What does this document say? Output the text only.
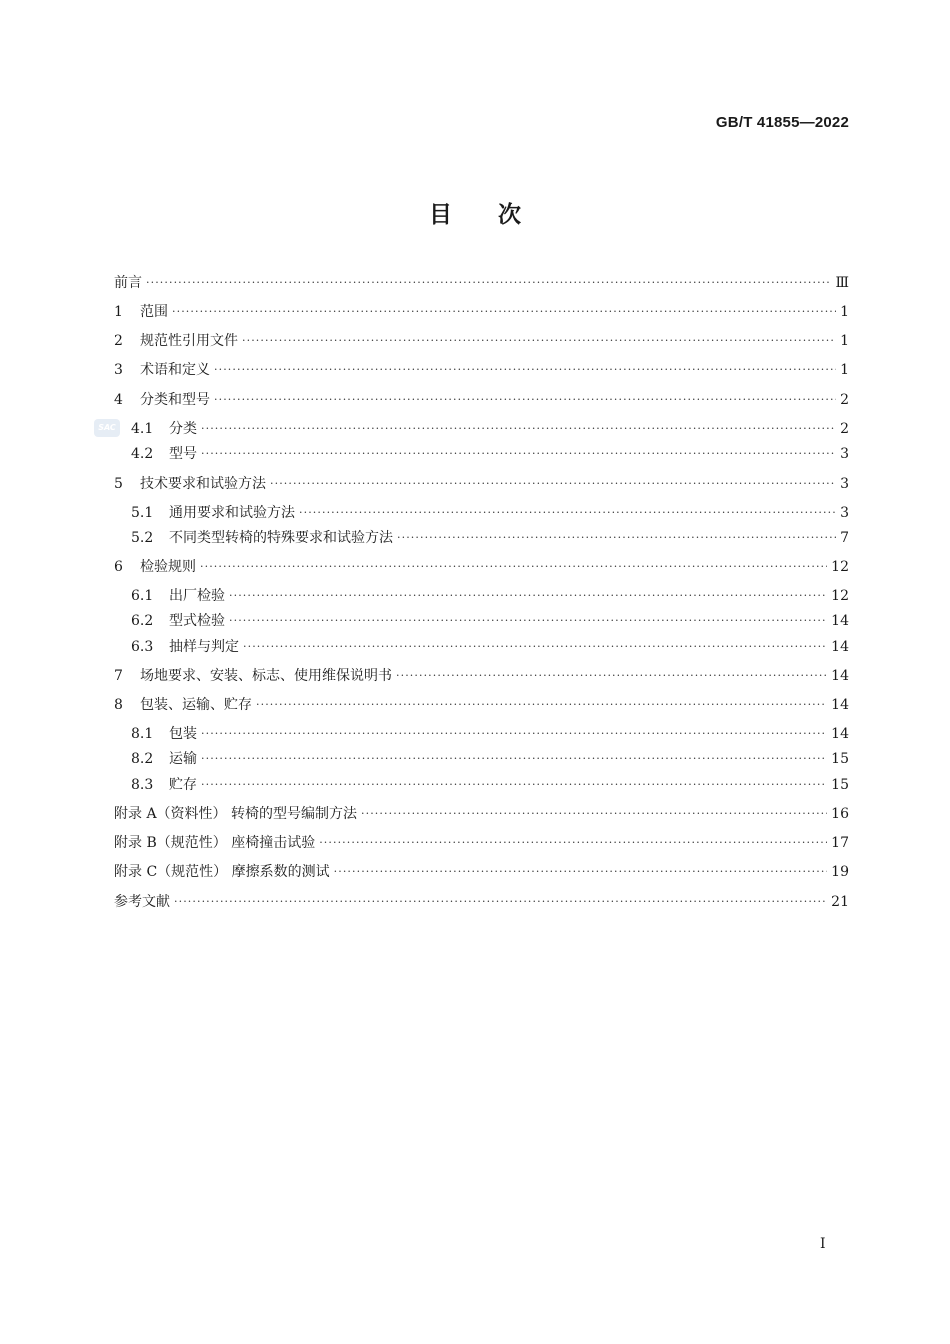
GB/T 41855—2022
目次
SAC
前言 ·····	Ⅲ
1	范围 ·····	1
2	规范性引用文件 ·····	1
3	术语和定义 ·····	1
4	分类和型号 ·····	2
4.1	分类 ·····	2
4.2	型号 ·····	3
5	技术要求和试验方法 ·····	3
5.1	通用要求和试验方法 ·····	3
5.2	不同类型转椅的特殊要求和试验方法 ·····	7
6	检验规则 ·····	12
6.1	出厂检验 ·····	12
6.2	型式检验 ·····	14
6.3	抽样与判定 ·····	14
7	场地要求、安装、标志、使用维保说明书 ·····	14
8	包装、运输、贮存 ·····	14
8.1	包装 ·····	14
8.2	运输 ·····	15
8.3	贮存 ·····	15
附录 A（资料性） 转椅的型号编制方法 ·····	16
附录 B（规范性） 座椅撞击试验 ·····	17
附录 C（规范性） 摩擦系数的测试 ·····	19
参考文献 ·····	21
I
